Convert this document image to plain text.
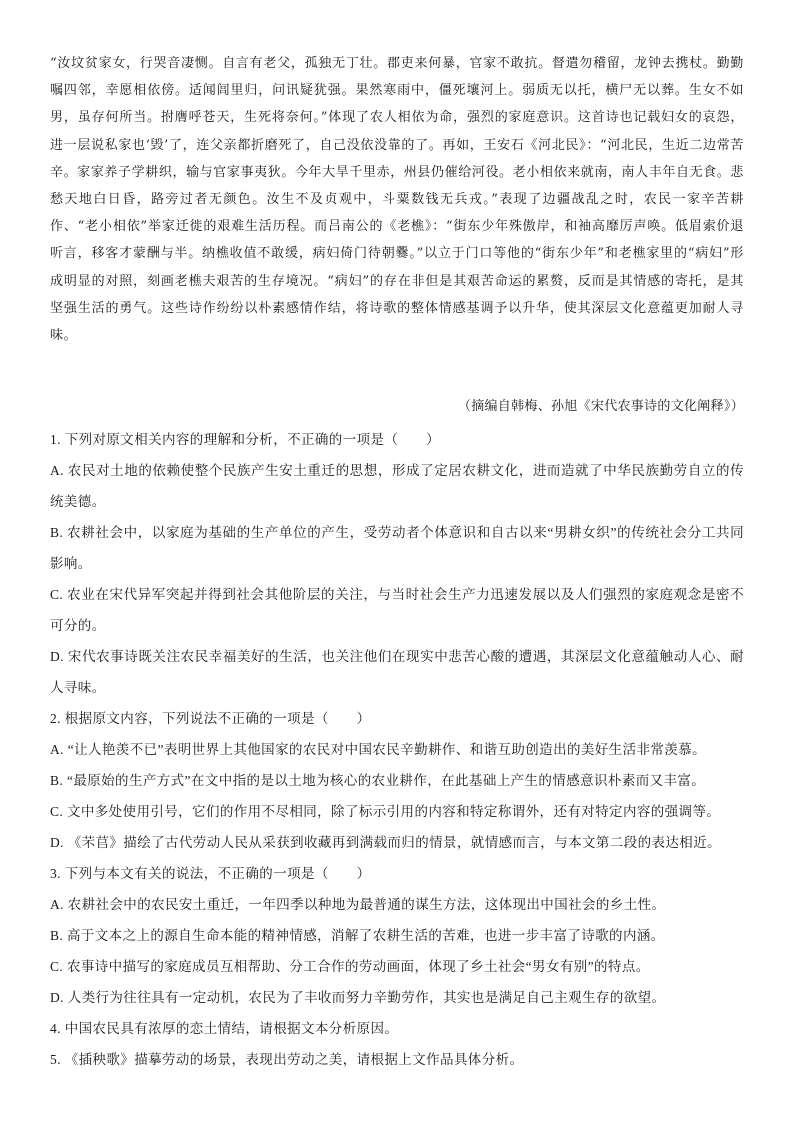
“汝坟贫家女，行哭音凄恻。自言有老父，孤独无丁壮。郡吏来何暴，官家不敢抗。督遣勿稽留，龙钟去携杖。勤勤嘱四邻，幸愿相依傍。适闻闾里归，问讯疑犹强。果然寒雨中，僵死壤河上。弱质无以托，横尸无以葬。生女不如男，虽存何所当。拊膺呼苍天，生死将奈何。”体现了农人相依为命，强烈的家庭意识。这首诗也记载妇女的哀怨，进一层说私家也‘毁’了，连父亲都折磨死了，自己没依没靠的了。再如，王安石《河北民》：“河北民，生近二边常苦辛。家家养子学耕织，输与官家事夷狄。今年大旱千里赤，州县仍催给河役。老小相依来就南，南人丰年自无食。悲愁天地白日昏，路旁过者无颜色。汝生不及贞观中，斗粟数钱无兵戎。”表现了边疆战乱之时，农民一家辛苦耕作、“老小相依”举家迁徙的艰难生活历程。而吕南公的《老樵》：“街东少年殊傲岸，和袖高靡厉声唤。低眉索价退听言，移客才蒙酬与半。纳樵收值不敢缓，病妇倚门待朝爨。”以立于门口等他的“街东少年”和老樵家里的“病妇”形成明显的对照，刻画老樵夫艰苦的生存境况。“病妇”的存在非但是其艰苦命运的累赘，反而是其情感的寄托，是其坚强生活的勇气。这些诗作纷纷以朴素感情作结，将诗歌的整体情感基调予以升华，使其深层文化意蕴更加耐人寻味。

（摘编自韩梅、孙旭《宋代农事诗的文化阐释》）

1. 下列对原文相关内容的理解和分析，不正确的一项是（　　）

A. 农民对土地的依赖使整个民族产生安土重迁的思想，形成了定居农耕文化，进而造就了中华民族勤劳自立的传统美德。

B. 农耕社会中，以家庭为基础的生产单位的产生，受劳动者个体意识和自古以来“男耕女织”的传统社会分工共同影响。

C. 农业在宋代异军突起并得到社会其他阶层的关注，与当时社会生产力迅速发展以及人们强烈的家庭观念是密不可分的。

D. 宋代农事诗既关注农民幸福美好的生活，也关注他们在现实中悲苦心酸的遭遇，其深层文化意蕴触动人心、耐人寻味。

2. 根据原文内容，下列说法不正确的一项是（　　）

A. “让人艳羡不已”表明世界上其他国家的农民对中国农民辛勤耕作、和谐互助创造出的美好生活非常羡慕。

B. “最原始的生产方式”在文中指的是以土地为核心的农业耕作，在此基础上产生的情感意识朴素而又丰富。

C. 文中多处使用引号，它们的作用不尽相同，除了标示引用的内容和特定称谓外，还有对特定内容的强调等。

D. 《芣苢》描绘了古代劳动人民从采获到收藏再到满载而归的情景，就情感而言，与本文第二段的表达相近。

3. 下列与本文有关的说法，不正确的一项是（　　）

A. 农耕社会中的农民安土重迁，一年四季以种地为最普通的谋生方法，这体现出中国社会的乡土性。

B. 高于文本之上的源自生命本能的精神情感，消解了农耕生活的苦难，也进一步丰富了诗歌的内涵。

C. 农事诗中描写的家庭成员互相帮助、分工合作的劳动画面，体现了乡土社会“男女有别”的特点。

D. 人类行为往往具有一定动机，农民为了丰收而努力辛勤劳作，其实也是满足自己主观生存的欲望。

4. 中国农民具有浓厚的恋土情结，请根据文本分析原因。

5. 《插秧歌》描摹劳动的场景，表现出劳动之美，请根据上文作品具体分析。
